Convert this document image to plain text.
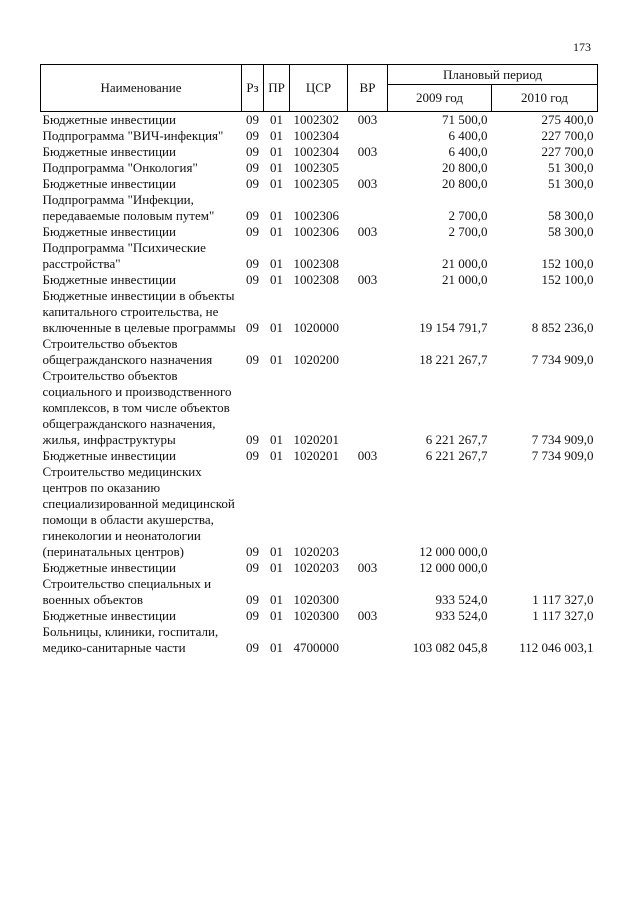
173
Наименование	Рз	ПР	ЦСР	ВР	Плановый период	
					2009 год	2010 год
Бюджетные инвестиции	09	01	1002302	003	71 500,0	275 400,0
Подпрограмма "ВИЧ-инфекция"	09	01	1002304		6 400,0	227 700,0
Бюджетные инвестиции	09	01	1002304	003	6 400,0	227 700,0
Подпрограмма "Онкология"	09	01	1002305		20 800,0	51 300,0
Бюджетные инвестиции	09	01	1002305	003	20 800,0	51 300,0
Подпрограмма "Инфекции, передаваемые половым путем"	09	01	1002306		2 700,0	58 300,0
Бюджетные инвестиции	09	01	1002306	003	2 700,0	58 300,0
Подпрограмма "Психические расстройства"	09	01	1002308		21 000,0	152 100,0
Бюджетные инвестиции	09	01	1002308	003	21 000,0	152 100,0
Бюджетные инвестиции в объекты капитального строительства, не включенные в целевые программы	09	01	1020000		19 154 791,7	8 852 236,0
Строительство объектов общегражданского назначения	09	01	1020200		18 221 267,7	7 734 909,0
Строительство объектов социального и производственного комплексов, в том числе объектов общегражданского назначения, жилья, инфраструктуры	09	01	1020201		6 221 267,7	7 734 909,0
Бюджетные инвестиции	09	01	1020201	003	6 221 267,7	7 734 909,0
Строительство медицинских центров по оказанию специализированной медицинской помощи в области акушерства, гинекологии и неонатологии (перинатальных центров)	09	01	1020203		12 000 000,0	
Бюджетные инвестиции	09	01	1020203	003	12 000 000,0	
Строительство специальных и военных объектов	09	01	1020300		933 524,0	1 117 327,0
Бюджетные инвестиции	09	01	1020300	003	933 524,0	1 117 327,0
Больницы, клиники, госпитали, медико-санитарные части	09	01	4700000		103 082 045,8	112 046 003,1
